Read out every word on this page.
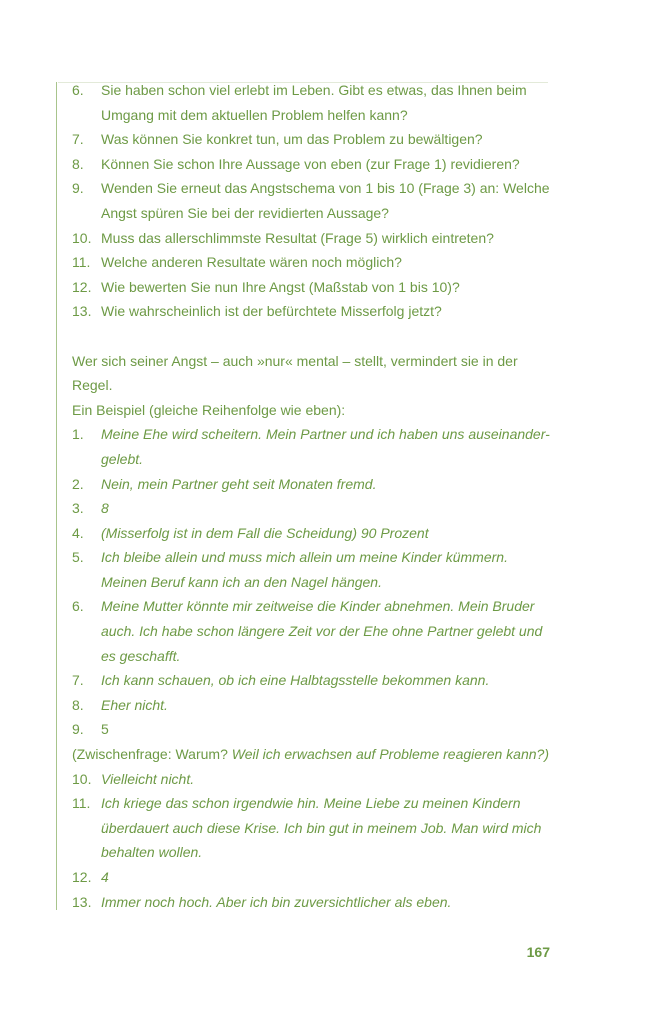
6.	Sie haben schon viel erlebt im Leben. Gibt es etwas, das Ihnen beim Umgang mit dem aktuellen Problem helfen kann?
7.	Was können Sie konkret tun, um das Problem zu bewältigen?
8.	Können Sie schon Ihre Aussage von eben (zur Frage 1) revidieren?
9.	Wenden Sie erneut das Angstschema von 1 bis 10 (Frage 3) an: Welche Angst spüren Sie bei der revidierten Aussage?
10. Muss das allerschlimmste Resultat (Frage 5) wirklich eintreten?
11. Welche anderen Resultate wären noch möglich?
12. Wie bewerten Sie nun Ihre Angst (Maßstab von 1 bis 10)?
13. Wie wahrscheinlich ist der befürchtete Misserfolg jetzt?
Wer sich seiner Angst – auch »nur« mental – stellt, vermindert sie in der Regel.
Ein Beispiel (gleiche Reihenfolge wie eben):
1.	Meine Ehe wird scheitern. Mein Partner und ich haben uns auseinander-gelebt.
2.	Nein, mein Partner geht seit Monaten fremd.
3.	8
4.	(Misserfolg ist in dem Fall die Scheidung) 90 Prozent
5.	Ich bleibe allein und muss mich allein um meine Kinder kümmern. Meinen Beruf kann ich an den Nagel hängen.
6.	Meine Mutter könnte mir zeitweise die Kinder abnehmen. Mein Bruder auch. Ich habe schon längere Zeit vor der Ehe ohne Partner gelebt und es geschafft.
7.	Ich kann schauen, ob ich eine Halbtagsstelle bekommen kann.
8.	Eher nicht.
9.	5
(Zwischenfrage: Warum? Weil ich erwachsen auf Probleme reagieren kann?)
10. Vielleicht nicht.
11. Ich kriege das schon irgendwie hin. Meine Liebe zu meinen Kindern überdauert auch diese Krise. Ich bin gut in meinem Job. Man wird mich behalten wollen.
12. 4
13. Immer noch hoch. Aber ich bin zuversichtlicher als eben.
167
